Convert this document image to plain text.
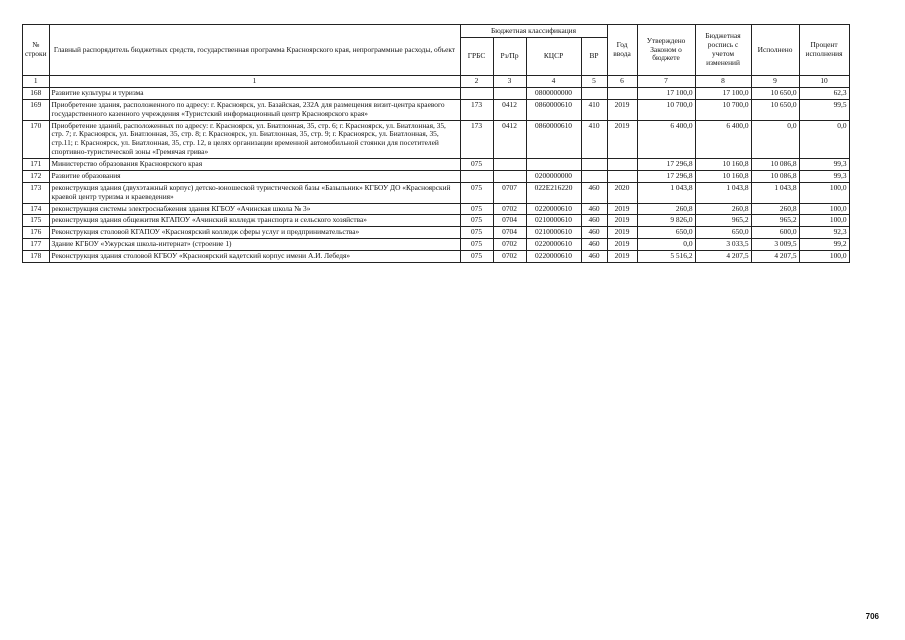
№ строки	Главный распорядитель бюджетных средств, государственная программа Красноярского края, непрограммные расходы, объект	Бюджетная классификация				Год ввода	Утверждено Законом о бюджете	Бюджетная роспись с учетом изменений	Исполнено	Процент исполнения
		ГРБС	Рз/Пр	КЦСР	ВР					
1	1	2	3	4	5	6	7	8	9	10
168	Развитие культуры и туризма			0800000000			17 100,0	17 100,0	10 650,0	62,3
169	Приобретение здания, расположенного по адресу: г. Красноярск, ул. Базайская, 232А для размещения визит-центра краевого государственного казенного учреждения «Туристский информационный центр Красноярского края»	173	0412	0860000610	410	2019	10 700,0	10 700,0	10 650,0	99,5
170	Приобретение зданий, расположенных по адресу: г. Красноярск, ул. Биатлонная, 35, стр. 6; г. Красноярск, ул. Биатлонная, 35, стр. 7; г. Красноярск, ул. Биатлонная, 35, стр. 8; г. Красноярск, ул. Биатлонная, 35, стр. 9; г. Красноярск, ул. Биатлонная, 35, стр.11; г. Красноярск, ул. Биатлонная, 35, стр. 12, в целях организации временной автомобильной стоянки для посетителей спортивно-туристической зоны «Гремячая грива»	173	0412	0860000610	410	2019	6 400,0	6 400,0	0,0	0,0
171	Министерство образования Красноярского края	075					17 296,8	10 160,8	10 086,8	99,3
172	Развитие образования			0200000000			17 296,8	10 160,8	10 086,8	99,3
173	реконструкция здания (двухэтажный корпус) детско-юношеской туристической базы «Базыльник» КГБОУ ДО «Красноярский краевой центр туризма и краеведения»	075	0707	022E216220	460	2020	1 043,8	1 043,8	1 043,8	100,0
174	реконструкция системы электроснабжения здания КГБОУ «Ачинская школа № 3»	075	0702	0220000610	460	2019	260,8	260,8	260,8	100,0
175	реконструкция здания общежития КГАПОУ «Ачинский колледж транспорта и сельского хозяйства»	075	0704	0210000610	460	2019	9 826,0	965,2	965,2	100,0
176	Реконструкция столовой КГАПОУ «Красноярский колледж сферы услуг и предпринимательства»	075	0704	0210000610	460	2019	650,0	650,0	600,0	92,3
177	Здание КГБОУ «Ужурская школа-интернат» (строение 1)	075	0702	0220000610	460	2019	0,0	3 033,5	3 009,5	99,2
178	Реконструкция здания столовой КГБОУ «Красноярский кадетский корпус имени А.И. Лебедя»	075	0702	0220000610	460	2019	5 516,2	4 207,5	4 207,5	100,0
706
